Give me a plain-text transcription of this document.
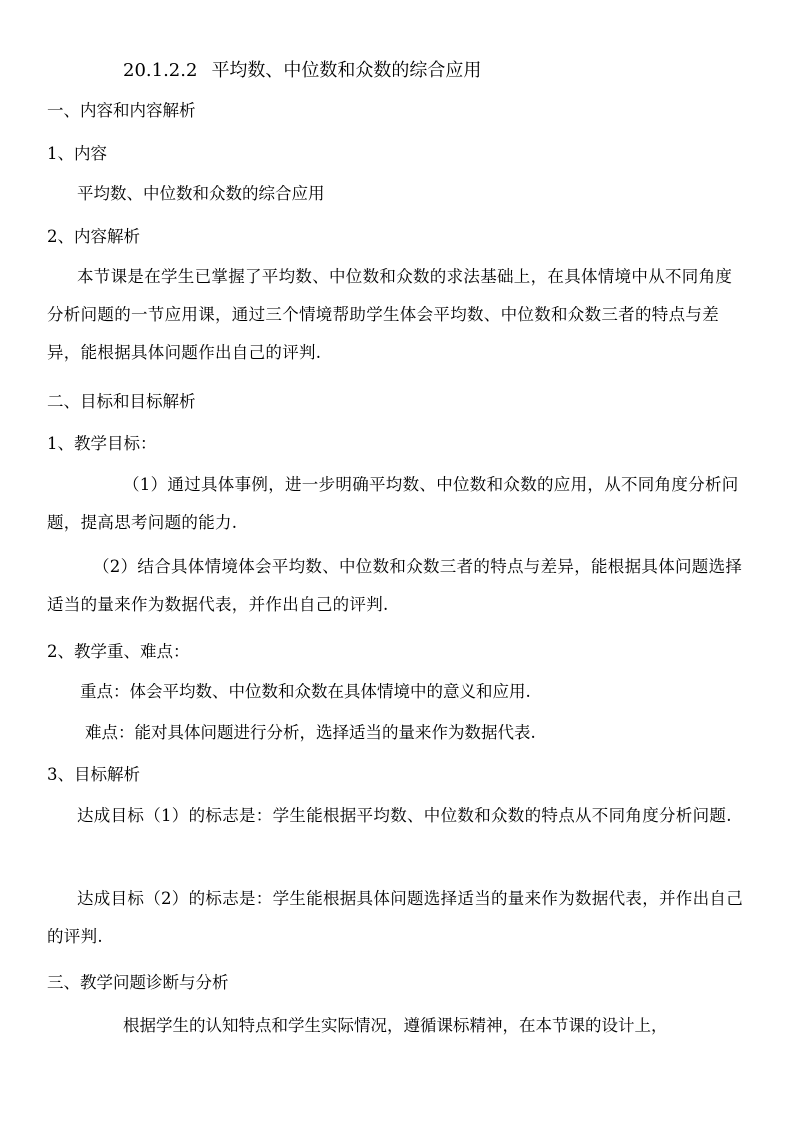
20.1.2.2 平均数、中位数和众数的综合应用
一、内容和内容解析
1、内容
平均数、中位数和众数的综合应用
2、内容解析
本节课是在学生已掌握了平均数、中位数和众数的求法基础上，在具体情境中从不同角度分析问题的一节应用课，通过三个情境帮助学生体会平均数、中位数和众数三者的特点与差异，能根据具体问题作出自己的评判.
二、目标和目标解析
1、教学目标：
（1）通过具体事例，进一步明确平均数、中位数和众数的应用，从不同角度分析问题，提高思考问题的能力.
（2）结合具体情境体会平均数、中位数和众数三者的特点与差异，能根据具体问题选择适当的量来作为数据代表，并作出自己的评判.
2、教学重、难点：
重点：体会平均数、中位数和众数在具体情境中的意义和应用.
难点：能对具体问题进行分析，选择适当的量来作为数据代表.
3、目标解析
达成目标（1）的标志是：学生能根据平均数、中位数和众数的特点从不同角度分析问题.
达成目标（2）的标志是：学生能根据具体问题选择适当的量来作为数据代表，并作出自己的评判.
三、教学问题诊断与分析
根据学生的认知特点和学生实际情况，遵循课标精神，在本节课的设计上，
